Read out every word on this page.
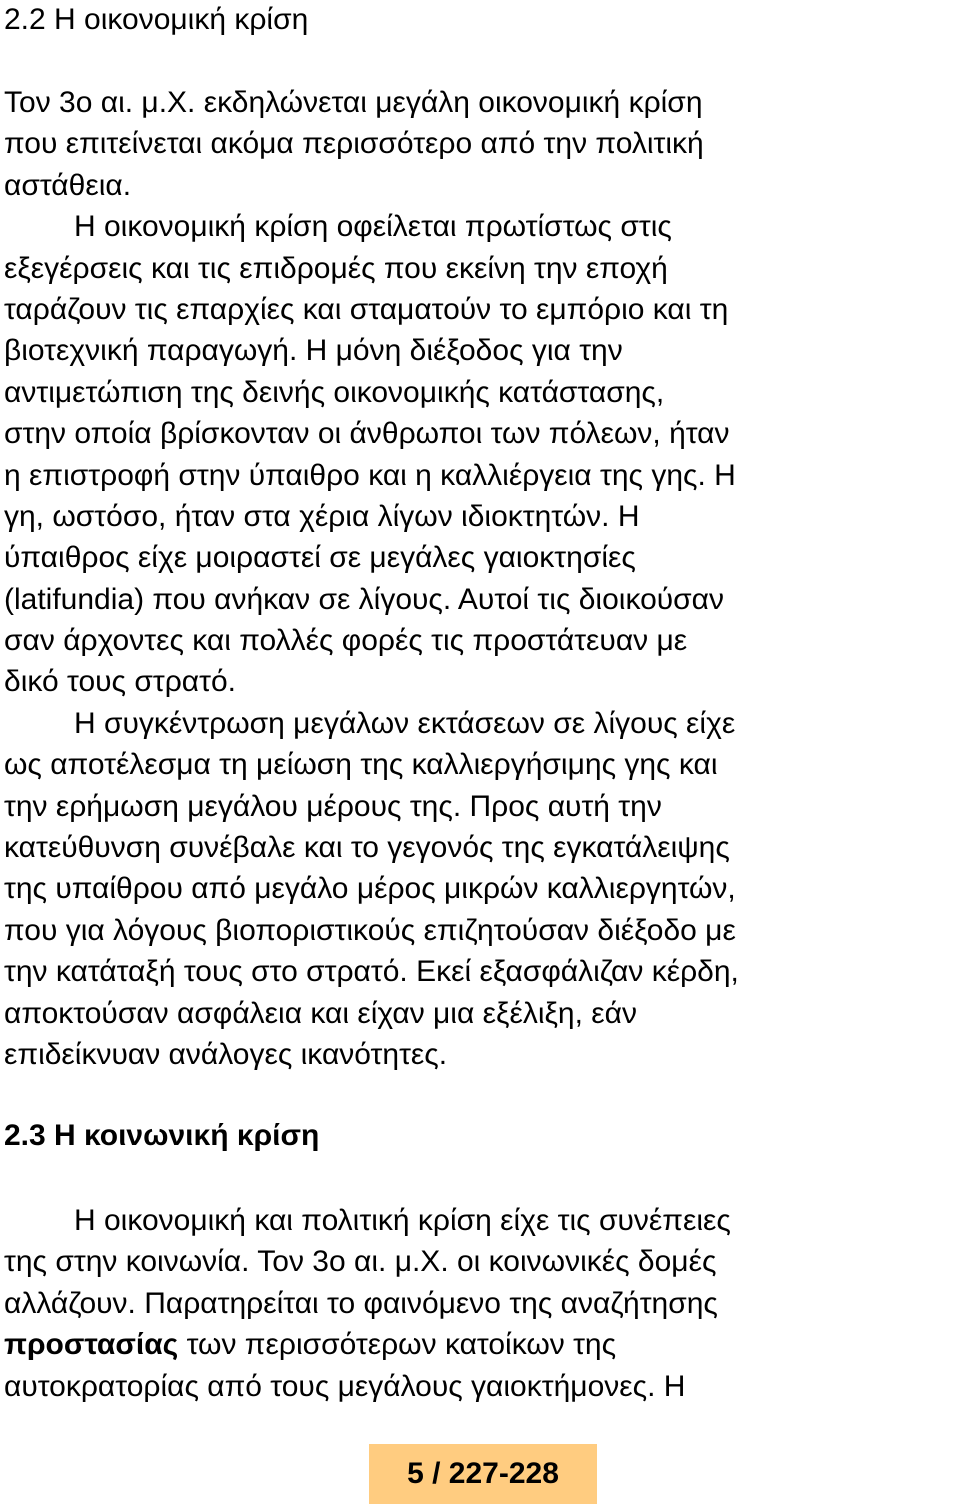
2.2 Η οικονομική κρίση
Τον 3ο αι. μ.Χ. εκδηλώνεται μεγάλη οικονομική κρίση
που επιτείνεται ακόμα περισσότερο από την πολιτική
αστάθεια.
Η οικονομική κρίση οφείλεται πρωτίστως στις
εξεγέρσεις και τις επιδρομές που εκείνη την εποχή
ταράζουν τις επαρχίες και σταματούν το εμπόριο και τη
βιοτεχνική παραγωγή. Η μόνη διέξοδος για την
αντιμετώπιση της δεινής οικονομικής κατάστασης,
στην οποία βρίσκονταν οι άνθρωποι των πόλεων, ήταν
η επιστροφή στην ύπαιθρο και η καλλιέργεια της γης. Η
γη, ωστόσο, ήταν στα χέρια λίγων ιδιοκτητών. Η
ύπαιθρος είχε μοιραστεί σε μεγάλες γαιοκτησίες
(latifundia) που ανήκαν σε λίγους. Αυτοί τις διοικούσαν
σαν άρχοντες και πολλές φορές τις προστάτευαν με
δικό τους στρατό.
Η συγκέντρωση μεγάλων εκτάσεων σε λίγους είχε
ως αποτέλεσμα τη μείωση της καλλιεργήσιμης γης και
την ερήμωση μεγάλου μέρους της. Προς αυτή την
κατεύθυνση συνέβαλε και το γεγονός της εγκατάλειψης
της υπαίθρου από μεγάλο μέρος μικρών καλλιεργητών,
που για λόγους βιοποριστικούς επιζητούσαν διέξοδο με
την κατάταξή τους στο στρατό. Εκεί εξασφάλιζαν κέρδη,
αποκτούσαν ασφάλεια και είχαν μια εξέλιξη, εάν
επιδείκνυαν ανάλογες ικανότητες.
2.3 Η κοινωνική κρίση
Η οικονομική και πολιτική κρίση είχε τις συνέπειες
της στην κοινωνία. Τον 3ο αι. μ.Χ. οι κοινωνικές δομές
αλλάζουν. Παρατηρείται το φαινόμενο της αναζήτησης
προστασίας των περισσότερων κατοίκων της
αυτοκρατορίας από τους μεγάλους γαιοκτήμονες. Η
5 / 227-228
